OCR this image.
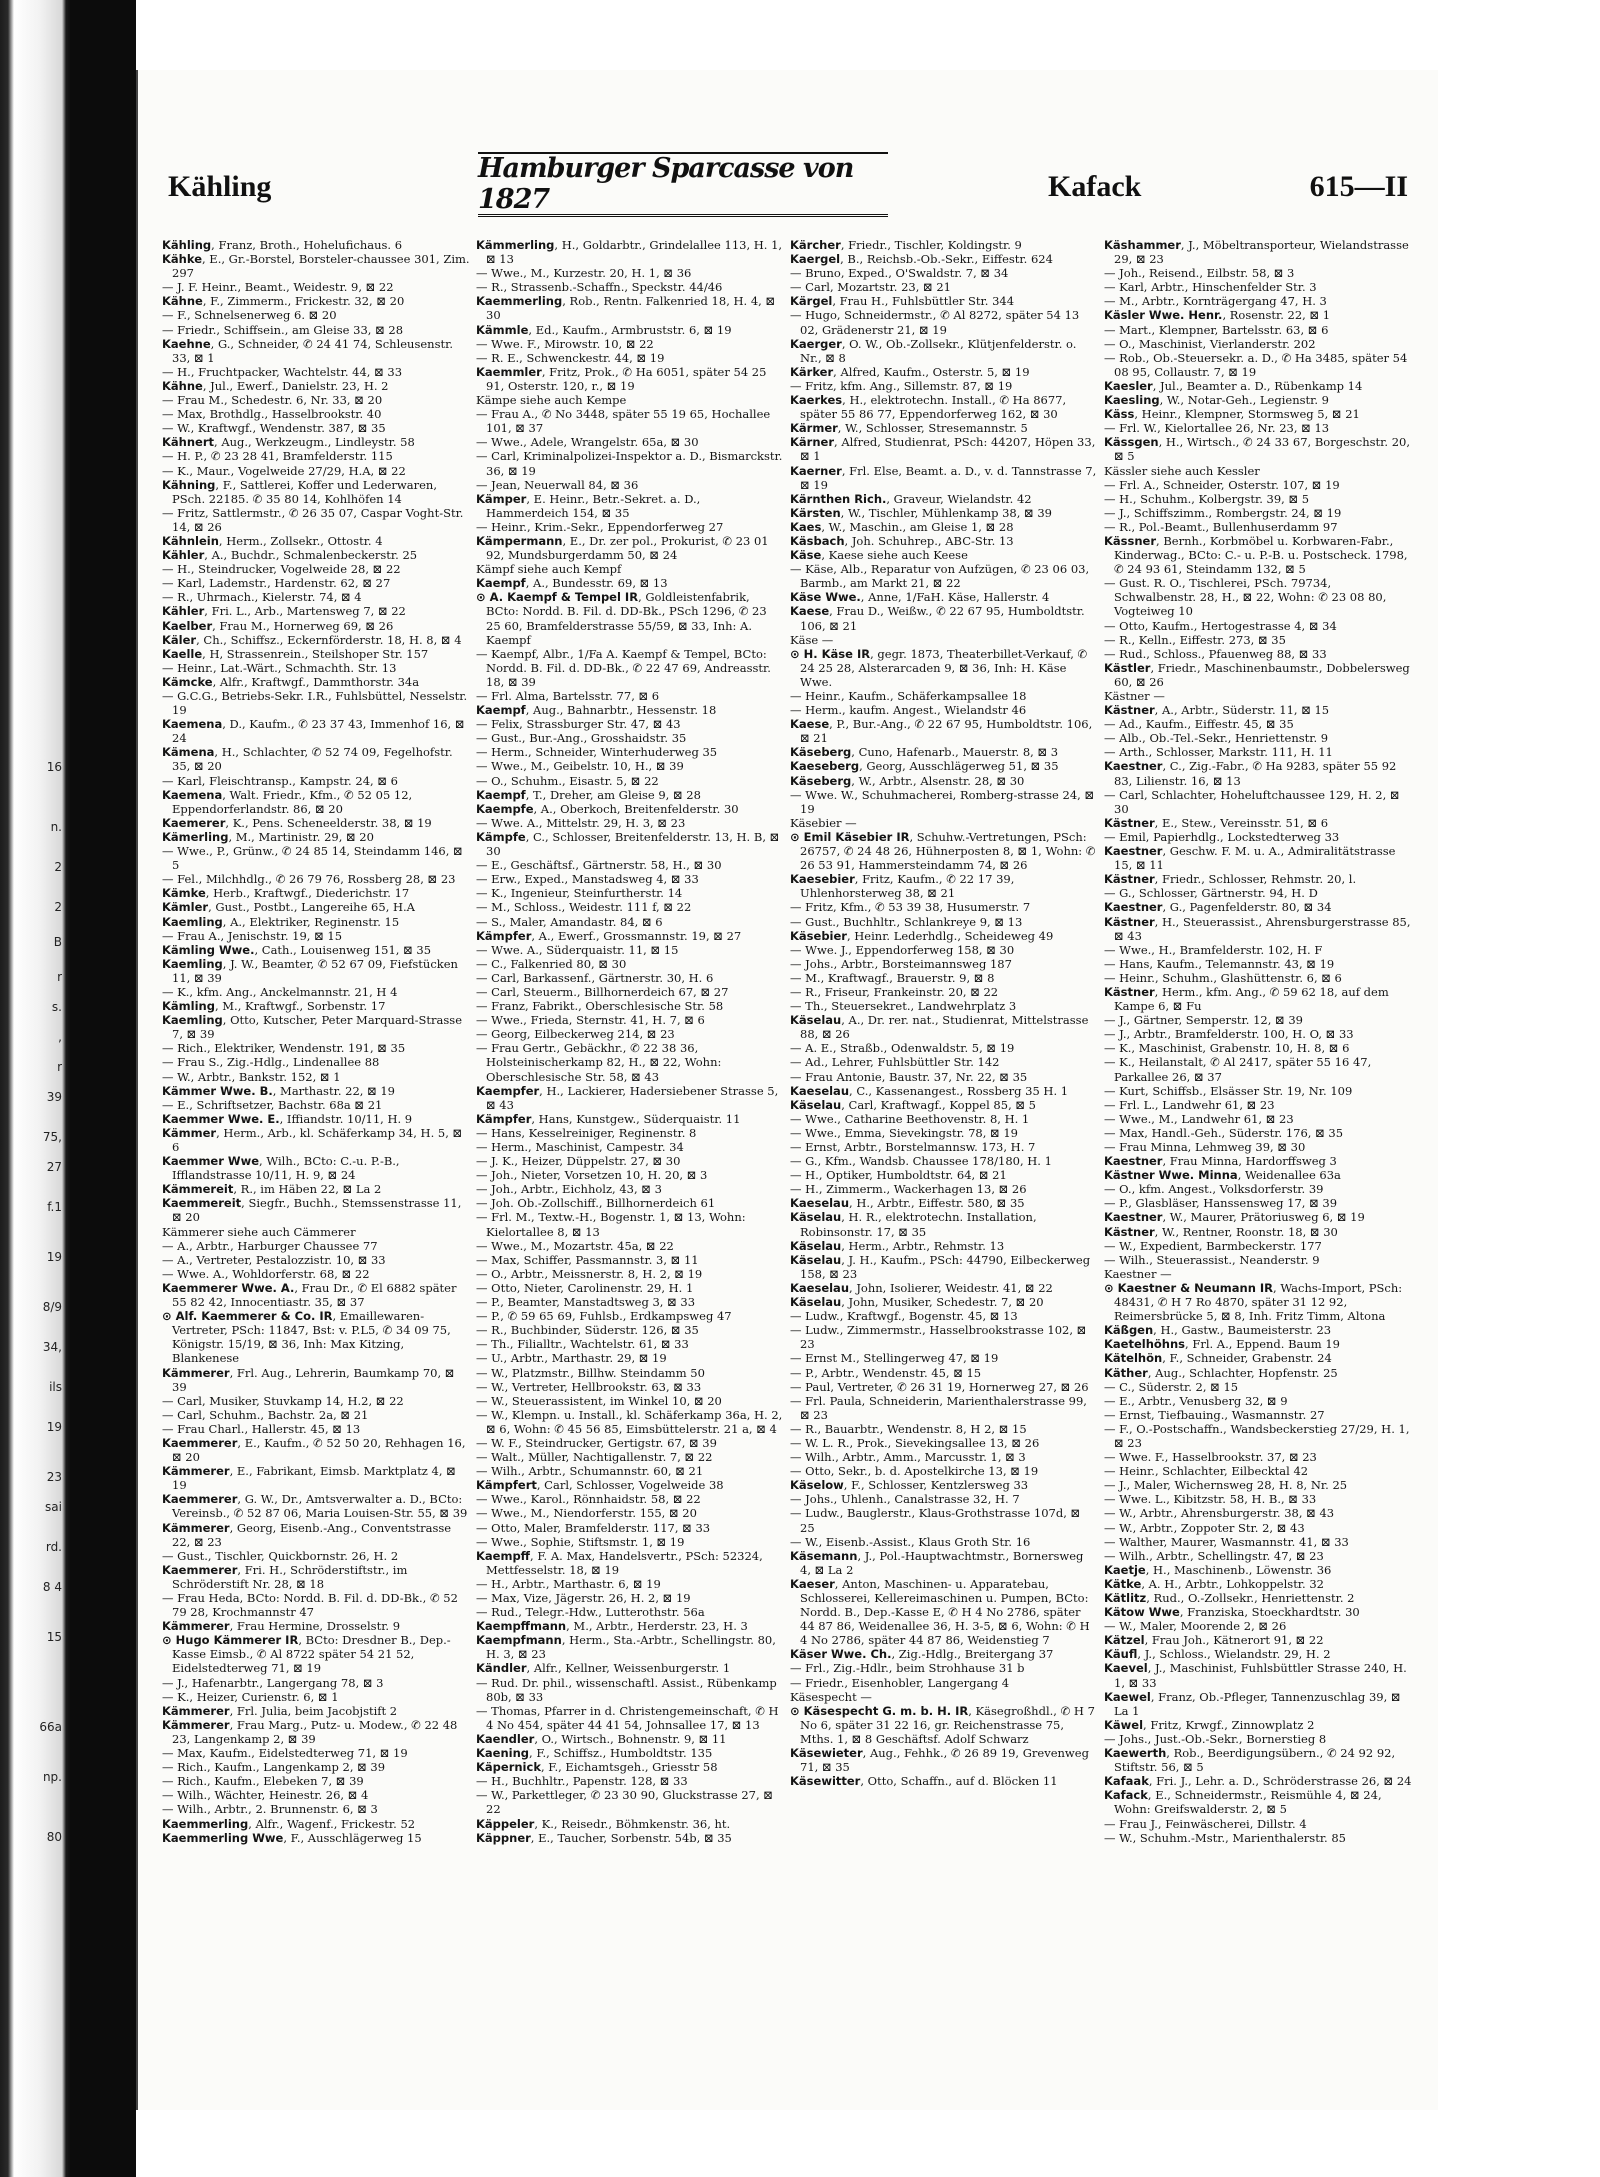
16
n.
2
2
B
r
s.
,
r
39
75,
27
f.1
19
8/9
34,
ils
19
23
sai
rd.
8 4
15
66a
np.
80
Kähling
Hamburger Sparcasse von 1827	Kafack	615—II

Kähling, Franz, Broth., Hohelufichaus. 6

Kähke, E., Gr.-Borstel, Borsteler-chaussee 301, Zim. 297

— J. F. Heinr., Beamt., Weidestr. 9, ⊠ 22

Kähne, F., Zimmerm., Frickestr. 32, ⊠ 20

— F., Schnelsenerweg 6. ⊠ 20

— Friedr., Schiffsein., am Gleise 33, ⊠ 28

Kaehne, G., Schneider, ✆ 24 41 74, Schleusenstr. 33, ⊠ 1

— H., Fruchtpacker, Wachtelstr. 44, ⊠ 33

Kähne, Jul., Ewerf., Danielstr. 23, H. 2

— Frau M., Schedestr. 6, Nr. 33, ⊠ 20

— Max, Brothdlg., Hasselbrookstr. 40

— W., Kraftwgf., Wendenstr. 387, ⊠ 35

Kähnert, Aug., Werkzeugm., Lindleystr. 58

— H. P., ✆ 23 28 41, Bramfelderstr. 115

— K., Maur., Vogelweide 27/29, H.A, ⊠ 22

Kähning, F., Sattlerei, Koffer und Lederwaren, PSch. 22185. ✆ 35 80 14, Kohlhöfen 14

— Fritz, Sattlermstr., ✆ 26 35 07, Caspar Voght-Str. 14, ⊠ 26

Kähnlein, Herm., Zollsekr., Ottostr. 4

Kähler, A., Buchdr., Schmalenbeckerstr. 25

— H., Steindrucker, Vogelweide 28, ⊠ 22

— Karl, Lademstr., Hardenstr. 62, ⊠ 27

— R., Uhrmach., Kielerstr. 74, ⊠ 4

Kähler, Fri. L., Arb., Martensweg 7, ⊠ 22

Kaelber, Frau M., Hornerweg 69, ⊠ 26

Käler, Ch., Schiffsz., Eckernförderstr. 18, H. 8, ⊠ 4

Kaelle, H, Strassenrein., Steilshoper Str. 157

— Heinr., Lat.-Wärt., Schmachth. Str. 13

Kämcke, Alfr., Kraftwgf., Dammthorstr. 34a

— G.C.G., Betriebs-Sekr. I.R., Fuhlsbüttel, Nesselstr. 19

Kaemena, D., Kaufm., ✆ 23 37 43, Immenhof 16, ⊠ 24

Kämena, H., Schlachter, ✆ 52 74 09, Fegelhofstr. 35, ⊠ 20

— Karl, Fleischtransp., Kampstr. 24, ⊠ 6

Kaemena, Walt. Friedr., Kfm., ✆ 52 05 12, Eppendorferlandstr. 86, ⊠ 20

Kaemerer, K., Pens. Scheneelderstr. 38, ⊠ 19

Kämerling, M., Martinistr. 29, ⊠ 20

— Wwe., P., Grünw., ✆ 24 85 14, Steindamm 146, ⊠ 5

— Fel., Milchhdlg., ✆ 26 79 76, Rossberg 28, ⊠ 23

Kämke, Herb., Kraftwgf., Diederichstr. 17

Kämler, Gust., Postbt., Langereihe 65, H.A

Kaemling, A., Elektriker, Reginenstr. 15

— Frau A., Jenischstr. 19, ⊠ 15

Kämling Wwe., Cath., Louisenweg 151, ⊠ 35

Kaemling, J. W., Beamter, ✆ 52 67 09, Fiefstücken 11, ⊠ 39

— K., kfm. Ang., Anckelmannstr. 21, H 4

Kämling, M., Kraftwgf., Sorbenstr. 17

Kaemling, Otto, Kutscher, Peter Marquard-Strasse 7, ⊠ 39

— Rich., Elektriker, Wendenstr. 191, ⊠ 35

— Frau S., Zig.-Hdlg., Lindenallee 88

— W., Arbtr., Bankstr. 152, ⊠ 1

Kämmer Wwe. B., Marthastr. 22, ⊠ 19

— E., Schriftsetzer, Bachstr. 68a ⊠ 21

Kaemmer Wwe. E., Iffiandstr. 10/11, H. 9

Kämmer, Herm., Arb., kl. Schäferkamp 34, H. 5, ⊠ 6

Kaemmer Wwe, Wilh., BCto: C.-u. P.-B., Ifflandstrasse 10/11, H. 9, ⊠ 24

Kämmereit, R., im Häben 22, ⊠ La 2

Kaemmereit, Siegfr., Buchh., Stemssenstrasse 11, ⊠ 20

Kämmerer siehe auch Cämmerer

— A., Arbtr., Harburger Chaussee 77

— A., Vertreter, Pestalozzistr. 10, ⊠ 33

— Wwe. A., Wohldorferstr. 68, ⊠ 22

Kaemmerer Wwe. A., Frau Dr., ✆ El 6882 später 55 82 42, Innocentiastr. 35, ⊠ 37

⊙ Alf. Kaemmerer & Co. IR, Emaillewaren-Vertreter, PSch: 11847, Bst: v. P.L5, ✆ 34 09 75, Königstr. 15/19, ⊠ 36, Inh: Max Kitzing, Blankenese

Kämmerer, Frl. Aug., Lehrerin, Baumkamp 70, ⊠ 39

— Carl, Musiker, Stuvkamp 14, H.2, ⊠ 22

— Carl, Schuhm., Bachstr. 2a, ⊠ 21

— Frau Charl., Hallerstr. 45, ⊠ 13

Kaemmerer, E., Kaufm., ✆ 52 50 20, Rehhagen 16, ⊠ 20

Kämmerer, E., Fabrikant, Eimsb. Marktplatz 4, ⊠ 19

Kaemmerer, G. W., Dr., Amtsverwalter a. D., BCto: Vereinsb., ✆ 52 87 06, Maria Louisen-Str. 55, ⊠ 39

Kämmerer, Georg, Eisenb.-Ang., Conventstrasse 22, ⊠ 23

— Gust., Tischler, Quickbornstr. 26, H. 2

Kaemmerer, Fri. H., Schröderstiftstr., im Schröderstift Nr. 28, ⊠ 18

— Frau Heda, BCto: Nordd. B. Fil. d. DD-Bk., ✆ 52 79 28, Krochmannstr 47

Kämmerer, Frau Hermine, Drosselstr. 9

⊙ Hugo Kämmerer IR, BCto: Dresdner B., Dep.-Kasse Eimsb., ✆ Al 8722 später 54 21 52, Eidelstedterweg 71, ⊠ 19

— J., Hafenarbtr., Langergang 78, ⊠ 3

— K., Heizer, Curienstr. 6, ⊠ 1

Kämmerer, Frl. Julia, beim Jacobjstift 2

Kämmerer, Frau Marg., Putz- u. Modew., ✆ 22 48 23, Langenkamp 2, ⊠ 39

— Max, Kaufm., Eidelstedterweg 71, ⊠ 19

— Rich., Kaufm., Langenkamp 2, ⊠ 39

— Rich., Kaufm., Elebeken 7, ⊠ 39

— Wilh., Wächter, Heinestr. 26, ⊠ 4

— Wilh., Arbtr., 2. Brunnenstr. 6, ⊠ 3

Kaemmerling, Alfr., Wagenf., Frickestr. 52

Kaemmerling Wwe, F., Ausschlägerweg 15

Kämmerling, H., Goldarbtr., Grindelallee 113, H. 1, ⊠ 13

— Wwe., M., Kurzestr. 20, H. 1, ⊠ 36

— R., Strassenb.-Schaffn., Speckstr. 44/46

Kaemmerling, Rob., Rentn. Falkenried 18, H. 4, ⊠ 30

Kämmle, Ed., Kaufm., Armbruststr. 6, ⊠ 19

— Wwe. F., Mirowstr. 10, ⊠ 22

— R. E., Schwenckestr. 44, ⊠ 19

Kaemmler, Fritz, Prok., ✆ Ha 6051, später 54 25 91, Osterstr. 120, r., ⊠ 19

Kämpe siehe auch Kempe

— Frau A., ✆ No 3448, später 55 19 65, Hochallee 101, ⊠ 37

— Wwe., Adele, Wrangelstr. 65a, ⊠ 30

— Carl, Kriminalpolizei-Inspektor a. D., Bismarckstr. 36, ⊠ 19

— Jean, Neuerwall 84, ⊠ 36

Kämper, E. Heinr., Betr.-Sekret. a. D., Hammerdeich 154, ⊠ 35

— Heinr., Krim.-Sekr., Eppendorferweg 27

Kämpermann, E., Dr. zer pol., Prokurist, ✆ 23 01 92, Mundsburgerdamm 50, ⊠ 24

Kämpf siehe auch Kempf

Kaempf, A., Bundesstr. 69, ⊠ 13

⊙ A. Kaempf & Tempel IR, Goldleistenfabrik, BCto: Nordd. B. Fil. d. DD-Bk., PSch 1296, ✆ 23 25 60, Bramfelderstrasse 55/59, ⊠ 33, Inh: A. Kaempf

— Kaempf, Albr., 1/Fa A. Kaempf & Tempel, BCto: Nordd. B. Fil. d. DD-Bk., ✆ 22 47 69, Andreasstr. 18, ⊠ 39

— Frl. Alma, Bartelsstr. 77, ⊠ 6

Kaempf, Aug., Bahnarbtr., Hessenstr. 18

— Felix, Strassburger Str. 47, ⊠ 43

— Gust., Bur.-Ang., Grosshaidstr. 35

— Herm., Schneider, Winterhuderweg 35

— Wwe., M., Geibelstr. 10, H., ⊠ 39

— O., Schuhm., Eisastr. 5, ⊠ 22

Kaempf, T., Dreher, am Gleise 9, ⊠ 28

Kaempfe, A., Oberkoch, Breitenfelderstr. 30

— Wwe. A., Mittelstr. 29, H. 3, ⊠ 23

Kämpfe, C., Schlosser, Breitenfelderstr. 13, H. B, ⊠ 30

— E., Geschäftsf., Gärtnerstr. 58, H., ⊠ 30

— Erw., Exped., Manstadsweg 4, ⊠ 33

— K., Ingenieur, Steinfurtherstr. 14

— M., Schloss., Weidestr. 111 f, ⊠ 22

— S., Maler, Amandastr. 84, ⊠ 6

Kämpfer, A., Ewerf., Grossmannstr. 19, ⊠ 27

— Wwe. A., Süderquaistr. 11, ⊠ 15

— C., Falkenried 80, ⊠ 30

— Carl, Barkassenf., Gärtnerstr. 30, H. 6

— Carl, Steuerm., Billhornerdeich 67, ⊠ 27

— Franz, Fabrikt., Oberschlesische Str. 58

— Wwe., Frieda, Sternstr. 41, H. 7, ⊠ 6

— Georg, Eilbeckerweg 214, ⊠ 23

— Frau Gertr., Gebäckhr., ✆ 22 38 36, Holsteinischerkamp 82, H., ⊠ 22, Wohn: Oberschlesische Str. 58, ⊠ 43

Kaempfer, H., Lackierer, Hadersiebener Strasse 5, ⊠ 43

Kämpfer, Hans, Kunstgew., Süderquaistr. 11

— Hans, Kesselreiniger, Reginenstr. 8

— Herm., Maschinist, Campestr. 34

— J. K., Heizer, Düppelstr. 27, ⊠ 30

— Joh., Nieter, Vorsetzen 10, H. 20, ⊠ 3

— Joh., Arbtr., Eichholz, 43, ⊠ 3

— Joh. Ob.-Zollschiff., Billhornerdeich 61

— Frl. M., Textw.-H., Bogenstr. 1, ⊠ 13, Wohn: Kielortallee 8, ⊠ 13

— Wwe., M., Mozartstr. 45a, ⊠ 22

— Max, Schiffer, Passmannstr. 3, ⊠ 11

— O., Arbtr., Meissnerstr. 8, H. 2, ⊠ 19

— Otto, Nieter, Carolinenstr. 29, H. 1

— P., Beamter, Manstadtsweg 3, ⊠ 33

— P., ✆ 59 65 69, Fuhlsb., Erdkampsweg 47

— R., Buchbinder, Süderstr. 126, ⊠ 35

— Th., Filialltr., Wachtelstr. 61, ⊠ 33

— U., Arbtr., Marthastr. 29, ⊠ 19

— W., Platzmstr., Billhw. Steindamm 50

— W., Vertreter, Hellbrookstr. 63, ⊠ 33

— W., Steuerassistent, im Winkel 10, ⊠ 20

— W., Klempn. u. Install., kl. Schäferkamp 36a, H. 2, ⊠ 6, Wohn: ✆ 45 56 85, Eimsbüttelerstr. 21 a, ⊠ 4

— W. F., Steindrucker, Gertigstr. 67, ⊠ 39

— Walt., Müller, Nachtigallenstr. 7, ⊠ 22

— Wilh., Arbtr., Schumannstr. 60, ⊠ 21

Kämpfert, Carl, Schlosser, Vogelweide 38

— Wwe., Karol., Rönnhaidstr. 58, ⊠ 22

— Wwe., M., Niendorferstr. 155, ⊠ 20

— Otto, Maler, Bramfelderstr. 117, ⊠ 33

— Wwe., Sophie, Stiftsmstr. 1, ⊠ 19

Kaempff, F. A. Max, Handelsvertr., PSch: 52324, Mettfesselstr. 18, ⊠ 19

— H., Arbtr., Marthastr. 6, ⊠ 19

— Max, Vize, Jägerstr. 26, H. 2, ⊠ 19

— Rud., Telegr.-Hdw., Lutterothstr. 56a

Kaempffmann, M., Arbtr., Herderstr. 23, H. 3

Kaempfmann, Herm., Sta.-Arbtr., Schellingstr. 80, H. 3, ⊠ 23

Kändler, Alfr., Kellner, Weissenburgerstr. 1

— Rud. Dr. phil., wissenschaftl. Assist., Rübenkamp 80b, ⊠ 33

— Thomas, Pfarrer in d. Christengemeinschaft, ✆ H 4 No 454, später 44 41 54, Johnsallee 17, ⊠ 13

Kaendler, O., Wirtsch., Bohnenstr. 9, ⊠ 11

Kaening, F., Schiffsz., Humboldtstr. 135

Käpernick, F., Eichamtsgeh., Griesstr 58

— H., Buchhltr., Papenstr. 128, ⊠ 33

— W., Parkettleger, ✆ 23 30 90, Gluckstrasse 27, ⊠ 22

Käppeler, K., Reisedr., Böhmkenstr. 36, ht.

Käppner, E., Taucher, Sorbenstr. 54b, ⊠ 35

Kärcher, Friedr., Tischler, Koldingstr. 9

Kaergel, B., Reichsb.-Ob.-Sekr., Eiffestr. 624

— Bruno, Exped., O'Swaldstr. 7, ⊠ 34

— Carl, Mozartstr. 23, ⊠ 21

Kärgel, Frau H., Fuhlsbüttler Str. 344

— Hugo, Schneidermstr., ✆ Al 8272, später 54 13 02, Grädenerstr 21, ⊠ 19

Kaerger, O. W., Ob.-Zollsekr., Klütjenfelderstr. o. Nr., ⊠ 8

Kärker, Alfred, Kaufm., Osterstr. 5, ⊠ 19

— Fritz, kfm. Ang., Sillemstr. 87, ⊠ 19

Kaerkes, H., elektrotechn. Install., ✆ Ha 8677, später 55 86 77, Eppendorferweg 162, ⊠ 30

Kärmer, W., Schlosser, Stresemannstr. 5

Kärner, Alfred, Studienrat, PSch: 44207, Höpen 33, ⊠ 1

Kaerner, Frl. Else, Beamt. a. D., v. d. Tannstrasse 7, ⊠ 19

Kärnthen Rich., Graveur, Wielandstr. 42

Kärsten, W., Tischler, Mühlenkamp 38, ⊠ 39

Kaes, W., Maschin., am Gleise 1, ⊠ 28

Käsbach, Joh. Schuhrep., ABC-Str. 13

Käse, Kaese siehe auch Keese

— Käse, Alb., Reparatur von Aufzügen, ✆ 23 06 03, Barmb., am Markt 21, ⊠ 22

Käse Wwe., Anne, 1/FaH. Käse, Hallerstr. 4

Kaese, Frau D., Weißw., ✆ 22 67 95, Humboldtstr. 106, ⊠ 21

Käse —

⊙ H. Käse IR, gegr. 1873, Theaterbillet-Verkauf, ✆ 24 25 28, Alsterarcaden 9, ⊠ 36, Inh: H. Käse Wwe.

— Heinr., Kaufm., Schäferkampsallee 18

— Herm., kaufm. Angest., Wielandstr 46

Kaese, P., Bur.-Ang., ✆ 22 67 95, Humboldtstr. 106, ⊠ 21

Käseberg, Cuno, Hafenarb., Mauerstr. 8, ⊠ 3

Kaeseberg, Georg, Ausschlägerweg 51, ⊠ 35

Käseberg, W., Arbtr., Alsenstr. 28, ⊠ 30

— Wwe. W., Schuhmacherei, Romberg-strasse 24, ⊠ 19

Käsebier —

⊙ Emil Käsebier IR, Schuhw.-Vertretungen, PSch: 26757, ✆ 24 48 26, Hühnerposten 8, ⊠ 1, Wohn: ✆ 26 53 91, Hammersteindamm 74, ⊠ 26

Kaesebier, Fritz, Kaufm., ✆ 22 17 39, Uhlenhorsterweg 38, ⊠ 21

— Fritz, Kfm., ✆ 53 39 38, Husumerstr. 7

— Gust., Buchhltr., Schlankreye 9, ⊠ 13

Käsebier, Heinr. Lederhdlg., Scheideweg 49

— Wwe. J., Eppendorferweg 158, ⊠ 30

— Johs., Arbtr., Borsteimannsweg 187

— M., Kraftwagf., Brauerstr. 9, ⊠ 8

— R., Friseur, Frankeinstr. 20, ⊠ 22

— Th., Steuersekret., Landwehrplatz 3

Käselau, A., Dr. rer. nat., Studienrat, Mittelstrasse 88, ⊠ 26

— A. E., Straßb., Odenwaldstr. 5, ⊠ 19

— Ad., Lehrer, Fuhlsbüttler Str. 142

— Frau Antonie, Baustr. 37, Nr. 22, ⊠ 35

Kaeselau, C., Kassenangest., Rossberg 35 H. 1

Käselau, Carl, Kraftwagf., Koppel 85, ⊠ 5

— Wwe., Catharine Beethovenstr. 8, H. 1

— Wwe., Emma, Sievekingstr. 78, ⊠ 19

— Ernst, Arbtr., Borstelmannsw. 173, H. 7

— G., Kfm., Wandsb. Chaussee 178/180, H. 1

— H., Optiker, Humboldtstr. 64, ⊠ 21

— H., Zimmerm., Wackerhagen 13, ⊠ 26

Kaeselau, H., Arbtr., Eiffestr. 580, ⊠ 35

Käselau, H. R., elektrotechn. Installation, Robinsonstr. 17, ⊠ 35

Käselau, Herm., Arbtr., Rehmstr. 13

Käselau, J. H., Kaufm., PSch: 44790, Eilbeckerweg 158, ⊠ 23

Kaeselau, John, Isolierer, Weidestr. 41, ⊠ 22

Käselau, John, Musiker, Schedestr. 7, ⊠ 20

— Ludw., Kraftwgf., Bogenstr. 45, ⊠ 13

— Ludw., Zimmermstr., Hasselbrookstrasse 102, ⊠ 23

— Ernst M., Stellingerweg 47, ⊠ 19

— P., Arbtr., Wendenstr. 45, ⊠ 15

— Paul, Vertreter, ✆ 26 31 19, Hornerweg 27, ⊠ 26

— Frl. Paula, Schneiderin, Marienthalerstrasse 99, ⊠ 23

— R., Bauarbtr., Wendenstr. 8, H 2, ⊠ 15

— W. L. R., Prok., Sievekingsallee 13, ⊠ 26

— Wilh., Arbtr., Amm., Marcusstr. 1, ⊠ 3

— Otto, Sekr., b. d. Apostelkirche 13, ⊠ 19

Käselow, F., Schlosser, Kentzlersweg 33

— Johs., Uhlenh., Canalstrasse 32, H. 7

— Ludw., Bauglerstr., Klaus-Grothstrasse 107d, ⊠ 25

— W., Eisenb.-Assist., Klaus Groth Str. 16

Käsemann, J., Pol.-Hauptwachtmstr., Bornersweg 4, ⊠ La 2

Kaeser, Anton, Maschinen- u. Apparatebau, Schlosserei, Kellereimaschinen u. Pumpen, BCto: Nordd. B., Dep.-Kasse E, ✆ H 4 No 2786, später 44 87 86, Weidenallee 36, H. 3-5, ⊠ 6, Wohn: ✆ H 4 No 2786, später 44 87 86, Weidenstieg 7

Käser Wwe. Ch., Zig.-Hdlg., Breitergang 37

— Frl., Zig.-Hdlr., beim Strohhause 31 b

— Friedr., Eisenhobler, Langergang 4

Käsespecht —

⊙ Käsespecht G. m. b. H. IR, Käsegroßhdl., ✆ H 7 No 6, später 31 22 16, gr. Reichenstrasse 75, Mths. 1, ⊠ 8 Geschäftsf. Adolf Schwarz

Käsewieter, Aug., Fehhk., ✆ 26 89 19, Grevenweg 71, ⊠ 35

Käsewitter, Otto, Schaffn., auf d. Blöcken 11

Käshammer, J., Möbeltransporteur, Wielandstrasse 29, ⊠ 23

— Joh., Reisend., Eilbstr. 58, ⊠ 3

— Karl, Arbtr., Hinschenfelder Str. 3

— M., Arbtr., Kornträgergang 47, H. 3

Käsler Wwe. Henr., Rosenstr. 22, ⊠ 1

— Mart., Klempner, Bartelsstr. 63, ⊠ 6

— O., Maschinist, Vierlanderstr. 202

— Rob., Ob.-Steuersekr. a. D., ✆ Ha 3485, später 54 08 95, Collaustr. 7, ⊠ 19

Kaesler, Jul., Beamter a. D., Rübenkamp 14

Kaesling, W., Notar-Geh., Legienstr. 9

Käss, Heinr., Klempner, Stormsweg 5, ⊠ 21

— Frl. W., Kielortallee 26, Nr. 23, ⊠ 13

Kässgen, H., Wirtsch., ✆ 24 33 67, Borgeschstr. 20, ⊠ 5

Kässler siehe auch Kessler

— Frl. A., Schneider, Osterstr. 107, ⊠ 19

— H., Schuhm., Kolbergstr. 39, ⊠ 5

— J., Schiffszimm., Rombergstr. 24, ⊠ 19

— R., Pol.-Beamt., Bullenhuserdamm 97

Kässner, Bernh., Korbmöbel u. Korbwaren-Fabr., Kinderwag., BCto: C.- u. P.-B. u. Postscheck. 1798, ✆ 24 93 61, Steindamm 132, ⊠ 5

— Gust. R. O., Tischlerei, PSch. 79734, Schwalbenstr. 28, H., ⊠ 22, Wohn: ✆ 23 08 80, Vogteiweg 10

— Otto, Kaufm., Hertogestrasse 4, ⊠ 34

— R., Kelln., Eiffestr. 273, ⊠ 35

— Rud., Schloss., Pfauenweg 88, ⊠ 33

Kästler, Friedr., Maschinenbaumstr., Dobbelersweg 60, ⊠ 26

Kästner —

Kästner, A., Arbtr., Süderstr. 11, ⊠ 15

— Ad., Kaufm., Eiffestr. 45, ⊠ 35

— Alb., Ob.-Tel.-Sekr., Henriettenstr. 9

— Arth., Schlosser, Markstr. 111, H. 11

Kaestner, C., Zig.-Fabr., ✆ Ha 9283, später 55 92 83, Lilienstr. 16, ⊠ 13

— Carl, Schlachter, Hoheluftchaussee 129, H. 2, ⊠ 30

Kästner, E., Stew., Vereinsstr. 51, ⊠ 6

— Emil, Papierhdlg., Lockstedterweg 33

Kaestner, Geschw. F. M. u. A., Admiralitätstrasse 15, ⊠ 11

Kästner, Friedr., Schlosser, Rehmstr. 20, l.

— G., Schlosser, Gärtnerstr. 94, H. D

Kaestner, G., Pagenfelderstr. 80, ⊠ 34

Kästner, H., Steuerassist., Ahrensburgerstrasse 85, ⊠ 43

— Wwe., H., Bramfelderstr. 102, H. F

— Hans, Kaufm., Telemannstr. 43, ⊠ 19

— Heinr., Schuhm., Glashüttenstr. 6, ⊠ 6

Kästner, Herm., kfm. Ang., ✆ 59 62 18, auf dem Kampe 6, ⊠ Fu

— J., Gärtner, Semperstr. 12, ⊠ 39

— J., Arbtr., Bramfelderstr. 100, H. O, ⊠ 33

— K., Maschinist, Grabenstr. 10, H. 8, ⊠ 6

— K., Heilanstalt, ✆ Al 2417, später 55 16 47, Parkallee 26, ⊠ 37

— Kurt, Schiffsb., Elsässer Str. 19, Nr. 109

— Frl. L., Landwehr 61, ⊠ 23

— Wwe., M., Landwehr 61, ⊠ 23

— Max, Handl.-Geh., Süderstr. 176, ⊠ 35

— Frau Minna, Lehmweg 39, ⊠ 30

Kaestner, Frau Minna, Hardorffsweg 3

Kästner Wwe. Minna, Weidenallee 63a

— O., kfm. Angest., Volksdorferstr. 39

— P., Glasbläser, Hanssensweg 17, ⊠ 39

Kaestner, W., Maurer, Prätoriusweg 6, ⊠ 19

Kästner, W., Rentner, Roonstr. 18, ⊠ 30

— W., Expedient, Barmbeckerstr. 177

— Wilh., Steuerassist., Neanderstr. 9

Kaestner —

⊙ Kaestner & Neumann IR, Wachs-Import, PSch: 48431, ✆ H 7 Ro 4870, später 31 12 92, Reimersbrücke 5, ⊠ 8, Inh. Fritz Timm, Altona

Käßgen, H., Gastw., Baumeisterstr. 23

Kaetelhöhns, Frl. A., Eppend. Baum 19

Kätelhön, F., Schneider, Grabenstr. 24

Käther, Aug., Schlachter, Hopfenstr. 25

— C., Süderstr. 2, ⊠ 15

— E., Arbtr., Venusberg 32, ⊠ 9

— Ernst, Tiefbauing., Wasmannstr. 27

— F., O.-Postschaffn., Wandsbeckerstieg 27/29, H. 1, ⊠ 23

— Wwe. F., Hasselbrookstr. 37, ⊠ 23

— Heinr., Schlachter, Eilbecktal 42

— J., Maler, Wichernsweg 28, H. 8, Nr. 25

— Wwe. L., Kibitzstr. 58, H. B., ⊠ 33

— W., Arbtr., Ahrensburgerstr. 38, ⊠ 43

— W., Arbtr., Zoppoter Str. 2, ⊠ 43

— Walther, Maurer, Wasmannstr. 41, ⊠ 33

— Wilh., Arbtr., Schellingstr. 47, ⊠ 23

Kaetje, H., Maschinenb., Löwenstr. 36

Kätke, A. H., Arbtr., Lohkoppelstr. 32

Kätlitz, Rud., O.-Zollsekr., Henriettenstr. 2

Kätow Wwe, Franziska, Stoeckhardtstr. 30

— W., Maler, Moorende 2, ⊠ 26

Kätzel, Frau Joh., Kätnerort 91, ⊠ 22

Käufl, J., Schloss., Wielandstr. 29, H. 2

Kaevel, J., Maschinist, Fuhlsbüttler Strasse 240, H. 1, ⊠ 33

Kaewel, Franz, Ob.-Pfleger, Tannenzuschlag 39, ⊠ La 1

Käwel, Fritz, Krwgf., Zinnowplatz 2

— Johs., Just.-Ob.-Sekr., Bornerstieg 8

Kaewerth, Rob., Beerdigungsübern., ✆ 24 92 92, Stiftstr. 56, ⊠ 5

Kafaak, Fri. J., Lehr. a. D., Schröderstrasse 26, ⊠ 24

Kafack, E., Schneidermstr., Reismühle 4, ⊠ 24, Wohn: Greifswalderstr. 2, ⊠ 5

— Frau J., Feinwäscherei, Dillstr. 4

— W., Schuhm.-Mstr., Marienthalerstr. 85
